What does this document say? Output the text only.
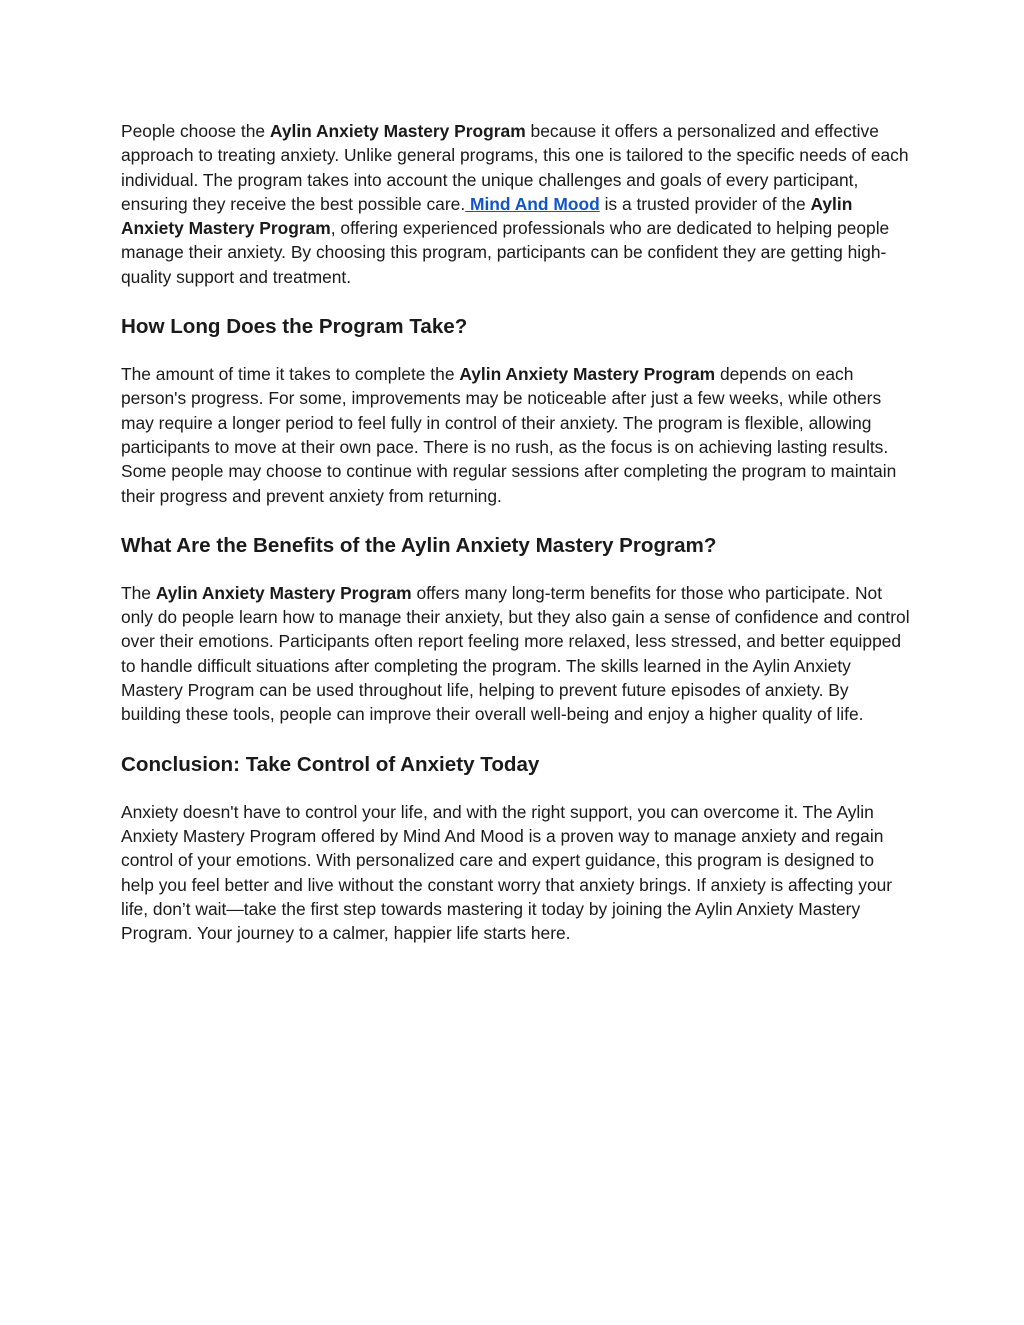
People choose the Aylin Anxiety Mastery Program because it offers a personalized and effective approach to treating anxiety. Unlike general programs, this one is tailored to the specific needs of each individual. The program takes into account the unique challenges and goals of every participant, ensuring they receive the best possible care. Mind And Mood is a trusted provider of the Aylin Anxiety Mastery Program, offering experienced professionals who are dedicated to helping people manage their anxiety. By choosing this program, participants can be confident they are getting high-quality support and treatment.

How Long Does the Program Take?

The amount of time it takes to complete the Aylin Anxiety Mastery Program depends on each person's progress. For some, improvements may be noticeable after just a few weeks, while others may require a longer period to feel fully in control of their anxiety. The program is flexible, allowing participants to move at their own pace. There is no rush, as the focus is on achieving lasting results. Some people may choose to continue with regular sessions after completing the program to maintain their progress and prevent anxiety from returning.

What Are the Benefits of the Aylin Anxiety Mastery Program?

The Aylin Anxiety Mastery Program offers many long-term benefits for those who participate. Not only do people learn how to manage their anxiety, but they also gain a sense of confidence and control over their emotions. Participants often report feeling more relaxed, less stressed, and better equipped to handle difficult situations after completing the program. The skills learned in the Aylin Anxiety Mastery Program can be used throughout life, helping to prevent future episodes of anxiety. By building these tools, people can improve their overall well-being and enjoy a higher quality of life.

Conclusion: Take Control of Anxiety Today

Anxiety doesn't have to control your life, and with the right support, you can overcome it. The Aylin Anxiety Mastery Program offered by Mind And Mood is a proven way to manage anxiety and regain control of your emotions. With personalized care and expert guidance, this program is designed to help you feel better and live without the constant worry that anxiety brings. If anxiety is affecting your life, don’t wait—take the first step towards mastering it today by joining the Aylin Anxiety Mastery Program. Your journey to a calmer, happier life starts here.
